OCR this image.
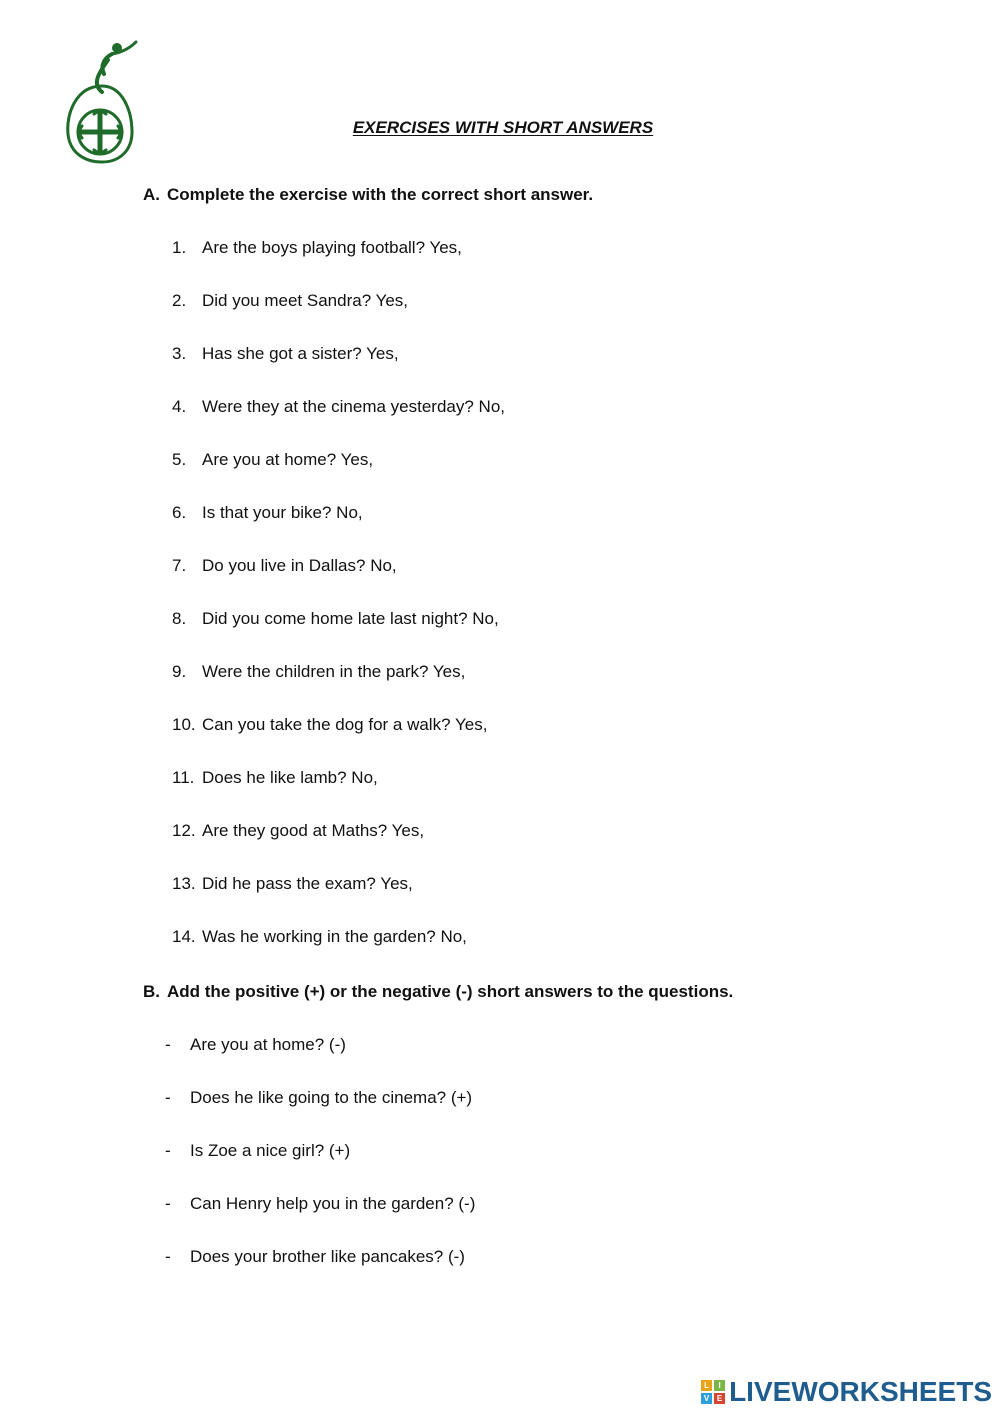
EXERCISES WITH SHORT ANSWERS
A. Complete the exercise with the correct short answer.
1. Are the boys playing football? Yes,
2. Did you meet Sandra? Yes,
3. Has she got a sister? Yes,
4. Were they at the cinema yesterday? No,
5. Are you at home? Yes,
6. Is that your bike? No,
7. Do you live in Dallas? No,
8. Did you come home late last night? No,
9. Were the children in the park? Yes,
10. Can you take the dog for a walk? Yes,
11. Does he like lamb? No,
12. Are they good at Maths? Yes,
13. Did he pass the exam? Yes,
14. Was he working in the garden? No,
B. Add the positive (+) or the negative (-) short answers to the questions.
- Are you at home? (-)
- Does he like going to the cinema? (+)
- Is Zoe a nice girl? (+)
- Can Henry help you in the garden? (-)
- Does your brother like pancakes? (-)
L	I
V E LIVEWORKSHEETS
